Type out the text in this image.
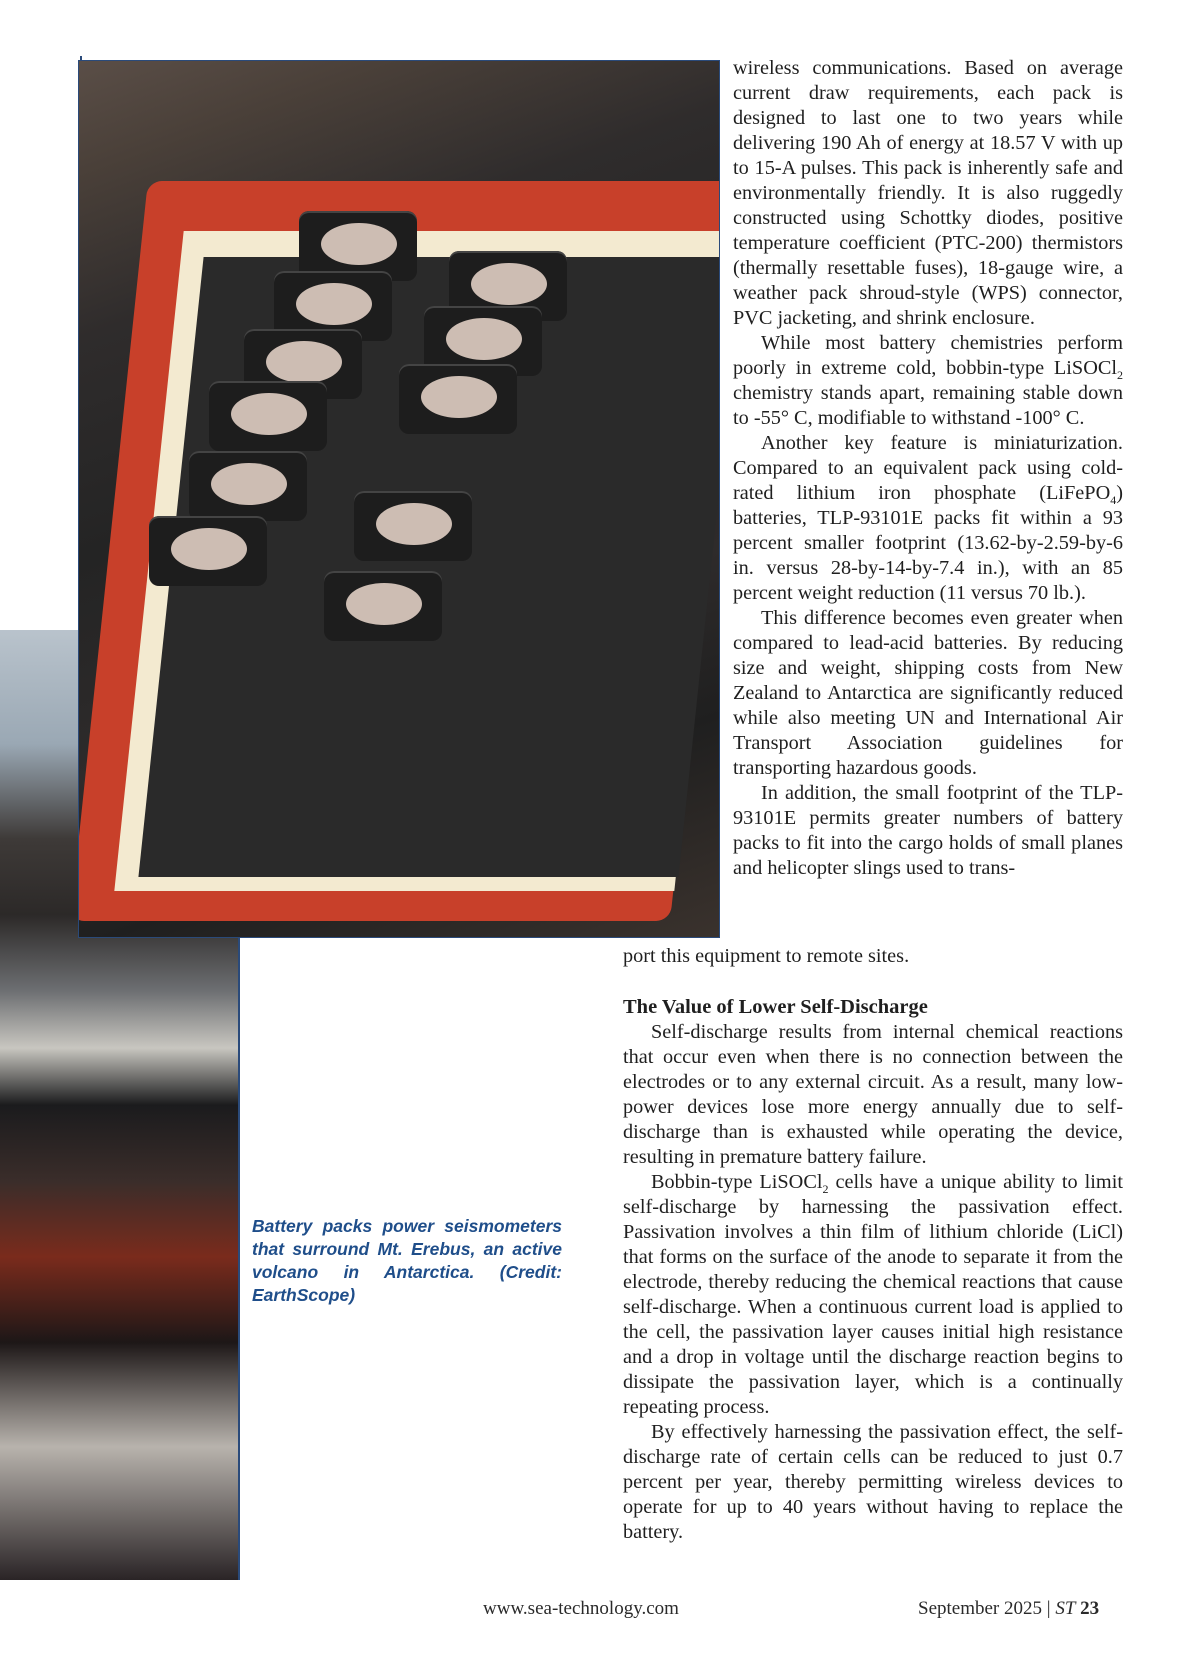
wireless communications. Based on average current draw requirements, each pack is designed to last one to two years while delivering 190 Ah of energy at 18.57 V with up to 15-A pulses. This pack is inherently safe and environmentally friendly. It is also ruggedly constructed using Schottky diodes, positive temperature coefficient (PTC-200) thermistors (thermally resettable fuses), 18-gauge wire, a weather pack shroud-style (WPS) connector, PVC jacketing, and shrink enclosure.

While most battery chemistries perform poorly in extreme cold, bobbin-type LiSOCl$_2$ chemistry stands apart, remaining stable down to -55° C, modifiable to withstand -100° C.

Another key feature is miniaturization. Compared to an equivalent pack using cold-rated lithium iron phosphate (LiFePO$_4$) batteries, TLP-93101E packs fit within a 93 percent smaller footprint (13.62-by-2.59-by-6 in. versus 28-by-14-by-7.4 in.), with an 85 percent weight reduction (11 versus 70 lb.).

This difference becomes even greater when compared to lead-acid batteries. By reducing size and weight, shipping costs from New Zealand to Antarctica are significantly reduced while also meeting UN and International Air Transport Association guidelines for transporting hazardous goods.

In addition, the small footprint of the TLP-93101E permits greater numbers of battery packs to fit into the cargo holds of small planes and helicopter slings used to trans-

port this equipment to remote sites.

The Value of Lower Self-Discharge

Self-discharge results from internal chemical reactions that occur even when there is no connection between the electrodes or to any external circuit. As a result, many low-power devices lose more energy annually due to self-discharge than is exhausted while operating the device, resulting in premature battery failure.

Bobbin-type LiSOCl$_2$ cells have a unique ability to limit self-discharge by harnessing the passivation effect. Passivation involves a thin film of lithium chloride (LiCl) that forms on the surface of the anode to separate it from the electrode, thereby reducing the chemical reactions that cause self-discharge. When a continuous current load is applied to the cell, the passivation layer causes initial high resistance and a drop in voltage until the discharge reaction begins to dissipate the passivation layer, which is a continually repeating process.

By effectively harnessing the passivation effect, the self-discharge rate of certain cells can be reduced to just 0.7 percent per year, thereby permitting wireless devices to operate for up to 40 years without having to replace the battery.

Battery packs power seismometers that surround Mt. Erebus, an active volcano in Antarctica. (Credit: EarthScope)
www.sea-technology.com	September 2025 | ST 23
